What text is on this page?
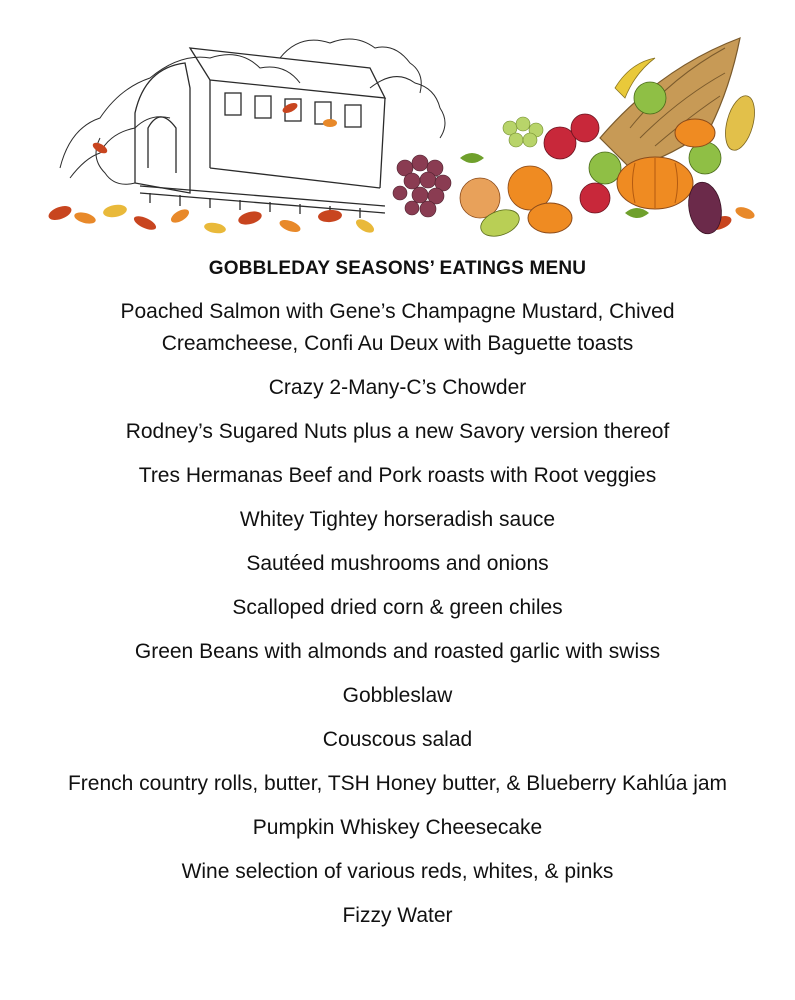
GOBBLEDAY SEASONS’ EATINGS MENU
Poached Salmon with Gene’s Champagne Mustard, Chived Creamcheese, Confi Au Deux with Baguette toasts
Crazy 2-Many-C’s Chowder
Rodney’s Sugared Nuts plus a new Savory version thereof
Tres Hermanas Beef and Pork roasts with Root veggies
Whitey Tightey horseradish sauce
Sautéed mushrooms and onions
Scalloped dried corn & green chiles
Green Beans with almonds and roasted garlic with swiss
Gobbleslaw
Couscous salad
French country rolls, butter, TSH Honey butter, & Blueberry Kahlúa jam
Pumpkin Whiskey Cheesecake
Wine selection of various reds, whites, & pinks
Fizzy Water
